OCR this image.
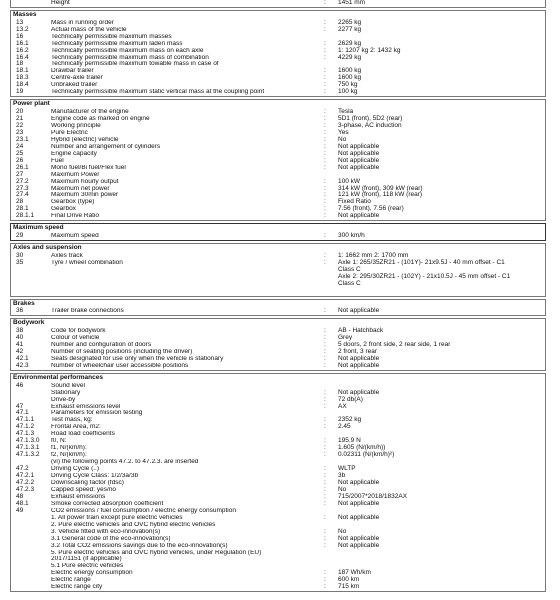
Height	:	1451 mm
Masses
13	Mass in running order	:	2265 kg
13.2	Actual mass of the vehicle	:	2277 kg
16	Technically permissible maximum masses
16.1	Technically permissible maximum laden mass	:	2629 kg
16.2	Technically permissible maximum mass on each axle	:	1: 1207 kg 2: 1432 kg
16.4	Technically permissible maximum mass of combination	:	4229 kg
18	Technically permissible maximum towable mass in case of
18.1	Drawbar trailer	:	1600 kg
18.3	Centre-axle trailer	:	1600 kg
18.4	Unbraked trailer	:	750 kg
19	Technically permissible maximum static vertical mass at the coupling point	:	100 kg
Power plant
20	Manufacturer of the engine	:	Tesla
21	Engine code as marked on engine	:	5D1 (front), 5D2 (rear)
22	Working principle	:	3-phase, AC induction
23	Pure Electric	:	Yes
23.1	Hybrid (electric) vehicle	:	No
24	Number and arrangement of cylinders	:	Not applicable
25	Engine capacity	:	Not applicable
26	Fuel	:	Not applicable
26.1	Mono fuel/Bi fuel/Flex fuel	:	Not applicable
27	Maximum Power
27.2	Maximum hourly output	:	100 kW
27.3	Maximum net power	:	314 kW (front), 309 kW (rear)
27.4	Maximum 30min power	:	121 kW (front), 118 kW (rear)
28	Gearbox (type)	:	Fixed Ratio
28.1	Gearbox	:	7.56 (front), 7.56 (rear)
28.1.1	Final Drive Ratio	:	Not applicable
Maximum speed
29	Maximum speed	:	300 km/h
Axles and suspension
30	Axles track	:	1: 1662 mm 2: 1700 mm
35	Tyre / wheel combination	:	Axle 1: 265/35ZR21 - (101Y)- 21x9.5J - 40 mm offset - C1
Class C
Axle 2: 295/30ZR21 - (102Y) - 21x10.5J - 45 mm offset - C1
Class C
Brakes
36	Trailer brake connections	:	Not applicable
Bodywork
38	Code for bodywork	:	AB - Hatchback
40	Colour of vehicle	:	Grey
41	Number and configuration of doors	:	5 doors, 2 front side, 2 rear side, 1 rear
42	Number of seating positions (including the driver)	:	2 front, 3 rear
42.1	Seats designated for use only when the vehicle is stationary	:	Not applicable
42.3	Number of wheelchair user accessible positions	:	Not applicable
Environmental performances
46	Sound level
Stationary	:	Not applicable
Drive-by	:	72 db(A)
47	Exhaust emissions level	:	AX
47.1	Parameters for emission testing
47.1.1	Test mass, kg:	:	2352 kg
47.1.2	Frontal Area, m2:	:	2.45
47.1.3	Road load coefficients
47.1.3.0	f0, N:	:	195.9 N
47.1.3.1	f1, N/(km/h):	:	1.605 (N/(km/h))
47.1.3.2	f2, N/(km/h):	:	0.02311 (N/(km/h)²)
(vi) the following points 47.2. to 47.2.3. are inserted
47.2	Driving Cycle (..)	:	WLTP
47.2.1	Driving Cycle Class: 1/2/3a/3b	:	3b
47.2.2	Downscaling factor (fdsc)	:	Not applicable
47.2.3	Capped speed: yes/no	:	No
48	Exhaust emissions	:	715/2007*2018/1832AX
48.1	Smoke corrected absorption coefficient	:	Not applicable
49	CO2 emissions / fuel consumption / electric energy consumption
1. All power train except pure electric vehicles	:	Not applicable
2. Pure electric vehicles and OVC hybrid electric vehicles
3. Vehicle fitted with eco-innovation(s)	:	No
3.1 General code of the eco-innovation(s)	:	Not applicable
3.2 Total CO2 emissions savings due to the eco-innovation(s)	:	Not applicable
5. Pure electric vehicles and OVC hybrid vehicles, under Regulation (EU)
2017/1151 (if applicable)
5.1 Pure electric vehicles
Electric energy consumption	:	187 Wh/km
Electric range	:	600 km
Electric range city	:	715 km
